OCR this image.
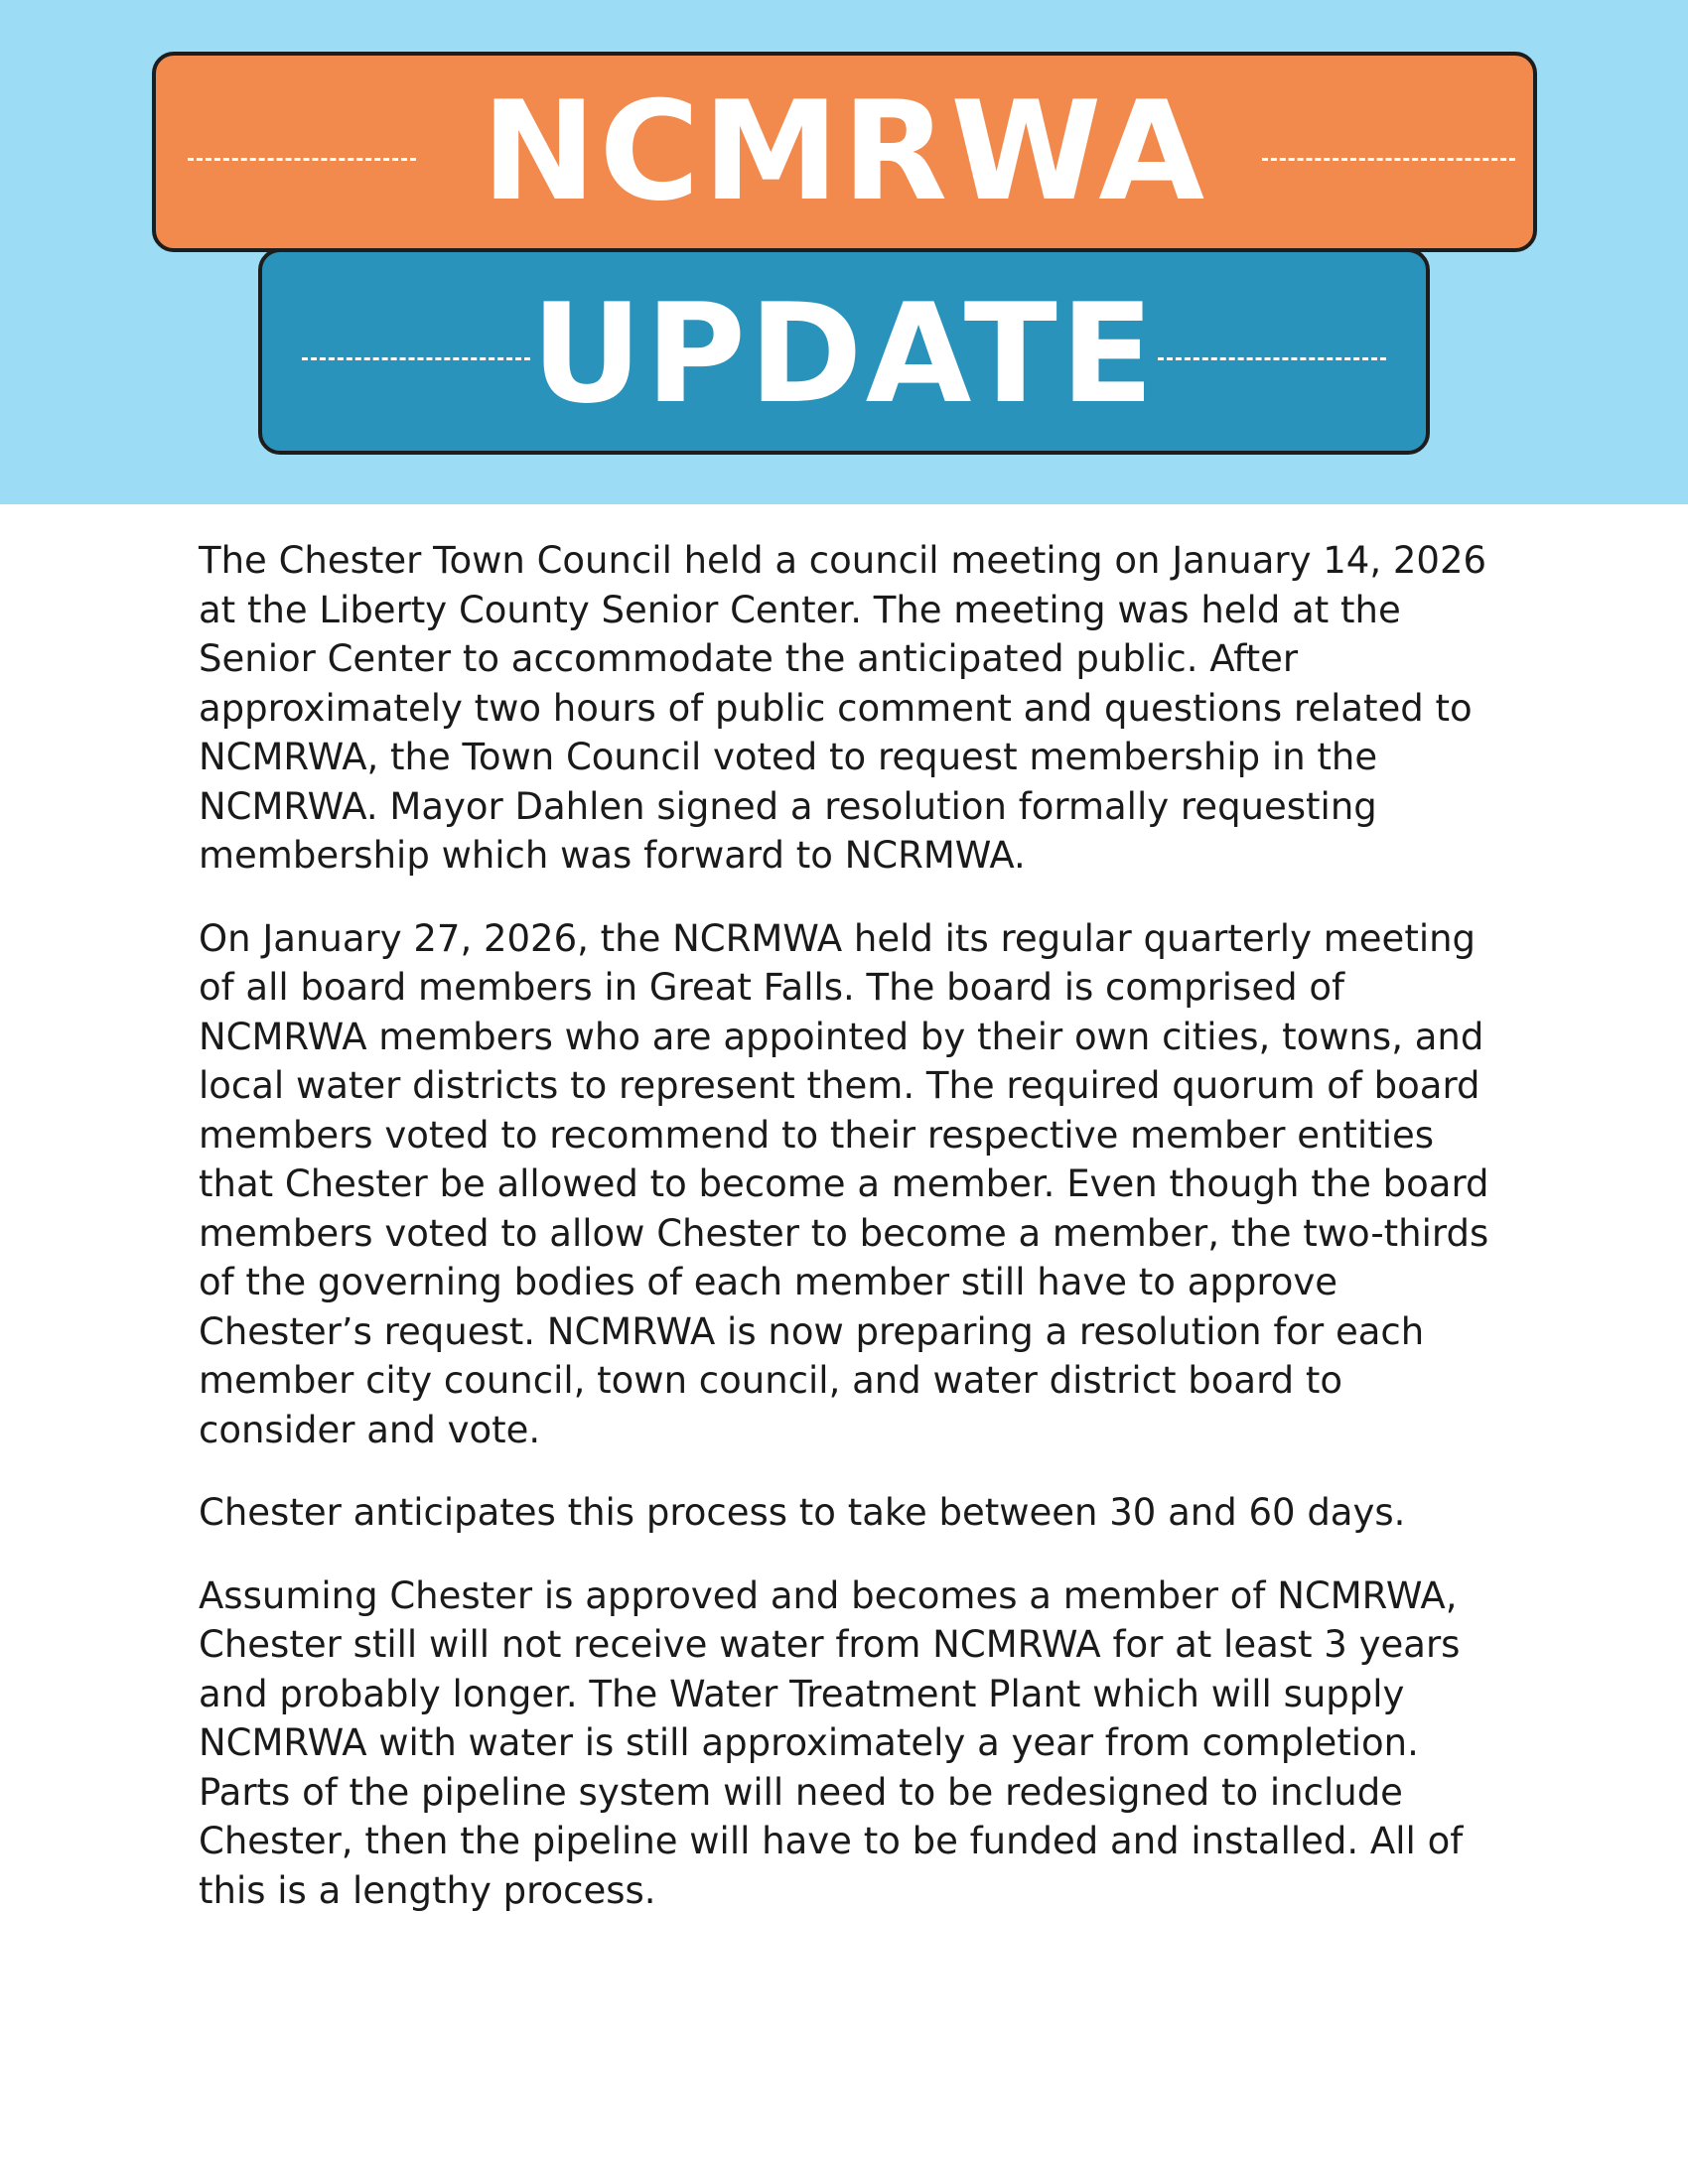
NCMRWA
UPDATE

The Chester Town Council held a council meeting on January 14, 2026 at the Liberty County Senior Center. The meeting was held at the Senior Center to accommodate the anticipated public. After approximately two hours of public comment and questions related to NCMRWA, the Town Council voted to request membership in the NCMRWA. Mayor Dahlen signed a resolution formally requesting membership which was forward to NCRMWA.

On January 27, 2026, the NCRMWA held its regular quarterly meeting of all board members in Great Falls. The board is comprised of NCMRWA members who are appointed by their own cities, towns, and local water districts to represent them. The required quorum of board members voted to recommend to their respective member entities that Chester be allowed to become a member. Even though the board members voted to allow Chester to become a member, the two-thirds of the governing bodies of each member still have to approve Chester’s request. NCMRWA is now preparing a resolution for each member city council, town council, and water district board to consider and vote.

Chester anticipates this process to take between 30 and 60 days.

Assuming Chester is approved and becomes a member of NCMRWA, Chester still will not receive water from NCMRWA for at least 3 years and probably longer. The Water Treatment Plant which will supply NCMRWA with water is still approximately a year from completion. Parts of the pipeline system will need to be redesigned to include Chester, then the pipeline will have to be funded and installed. All of this is a lengthy process.
